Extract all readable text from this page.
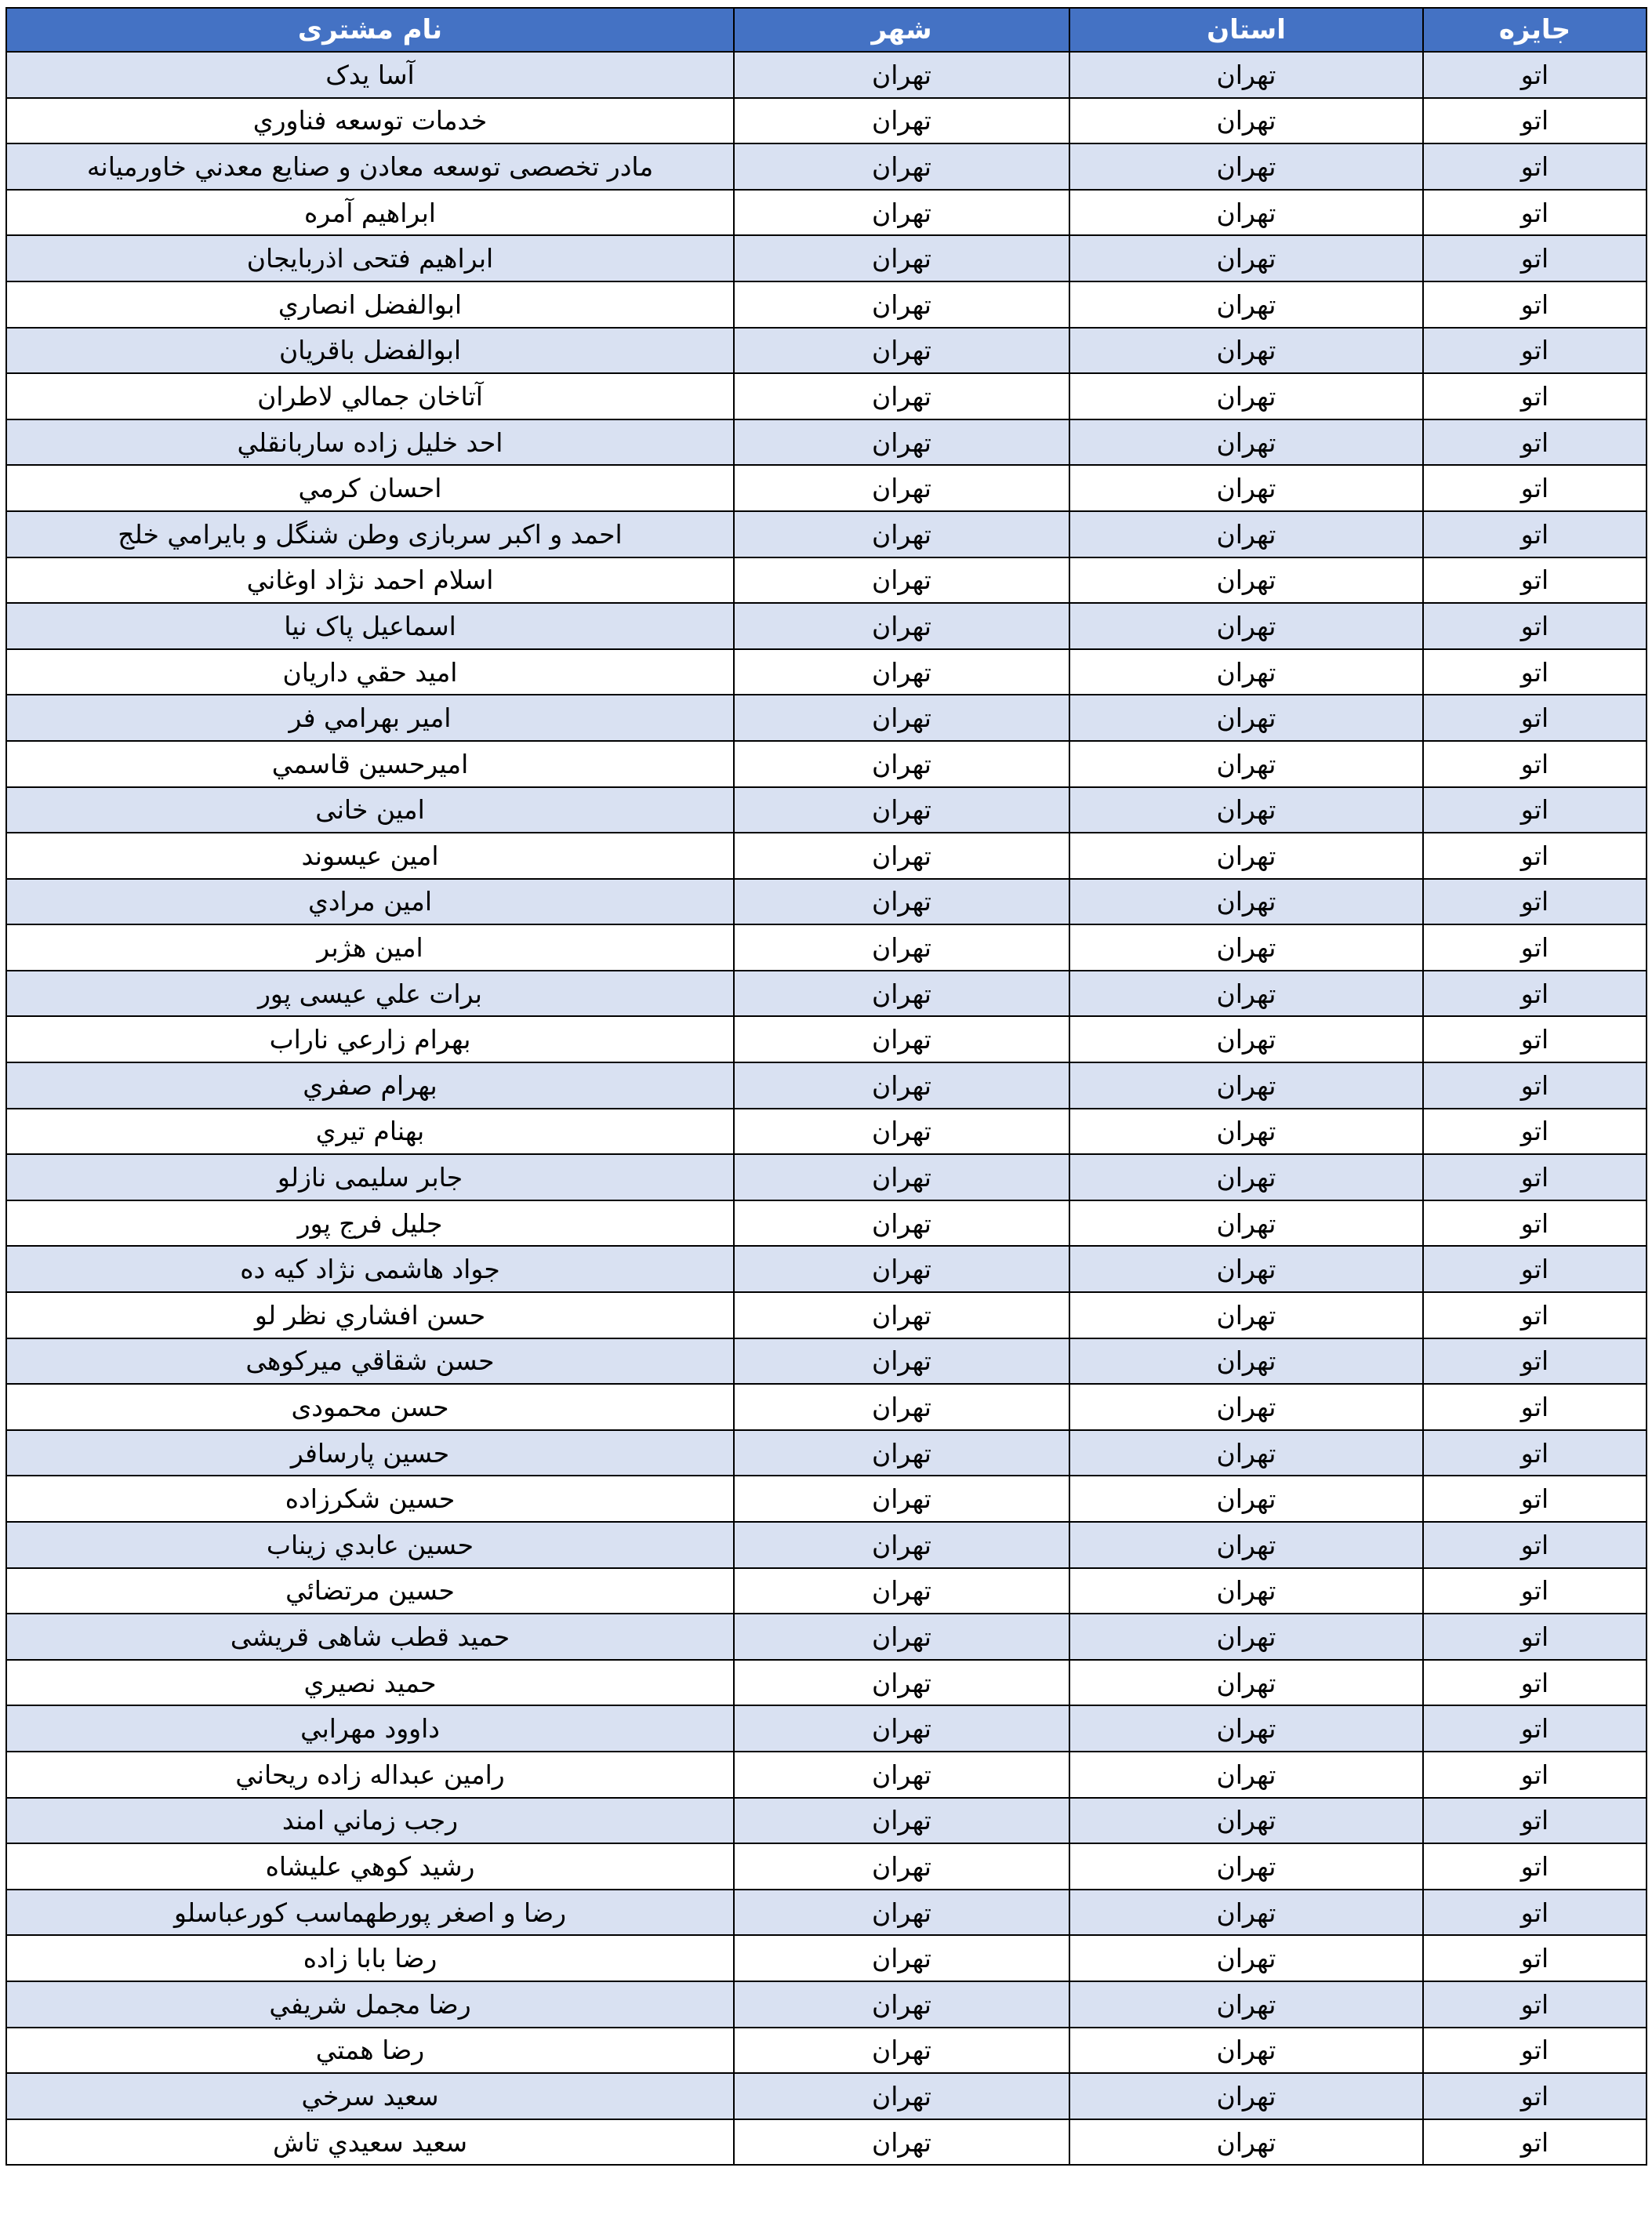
جایزه	استان	شهر	نام مشتری
اتو	تهران	تهران	آسا يدک
اتو	تهران	تهران	خدمات توسعه فناوري
اتو	تهران	تهران	مادر تخصصی توسعه معادن و صنايع معدني خاورميانه
اتو	تهران	تهران	ابراهيم آمره
اتو	تهران	تهران	ابراهيم فتحی اذربايجان
اتو	تهران	تهران	ابوالفضل انصاري
اتو	تهران	تهران	ابوالفضل باقريان
اتو	تهران	تهران	آتاخان جمالي لاطران
اتو	تهران	تهران	احد خليل زاده ساربانقلي
اتو	تهران	تهران	احسان کرمي
اتو	تهران	تهران	احمد و اکبر سربازی وطن شنگل و بايرامي خلج
اتو	تهران	تهران	اسلام احمد نژاد اوغاني
اتو	تهران	تهران	اسماعيل پاک نيا
اتو	تهران	تهران	اميد حقي داريان
اتو	تهران	تهران	امير بهرامي فر
اتو	تهران	تهران	اميرحسين قاسمي
اتو	تهران	تهران	امين خانی
اتو	تهران	تهران	امين عيسوند
اتو	تهران	تهران	امين مرادي
اتو	تهران	تهران	امين هژبر
اتو	تهران	تهران	برات علي عيسی پور
اتو	تهران	تهران	بهرام زارعي ناراب
اتو	تهران	تهران	بهرام صفري
اتو	تهران	تهران	بهنام تيري
اتو	تهران	تهران	جابر سليمی نازلو
اتو	تهران	تهران	جليل فرج پور
اتو	تهران	تهران	جواد هاشمی نژاد کيه ده
اتو	تهران	تهران	حسن افشاري نظر لو
اتو	تهران	تهران	حسن شقاقي ميرکوهی
اتو	تهران	تهران	حسن محمودی
اتو	تهران	تهران	حسين پارسافر
اتو	تهران	تهران	حسين شکرزاده
اتو	تهران	تهران	حسين عابدي زيناب
اتو	تهران	تهران	حسين مرتضائي
اتو	تهران	تهران	حميد قطب شاهی قريشی
اتو	تهران	تهران	حميد نصيري
اتو	تهران	تهران	داوود مهرابي
اتو	تهران	تهران	رامين عبداله زاده ريحاني
اتو	تهران	تهران	رجب زماني امند
اتو	تهران	تهران	رشيد کوهي عليشاه
اتو	تهران	تهران	رضا و اصغر پورطهماسب کورعباسلو
اتو	تهران	تهران	رضا بابا زاده
اتو	تهران	تهران	رضا مجمل شريفي
اتو	تهران	تهران	رضا همتي
اتو	تهران	تهران	سعيد سرخي
اتو	تهران	تهران	سعيد سعيدي تاش
